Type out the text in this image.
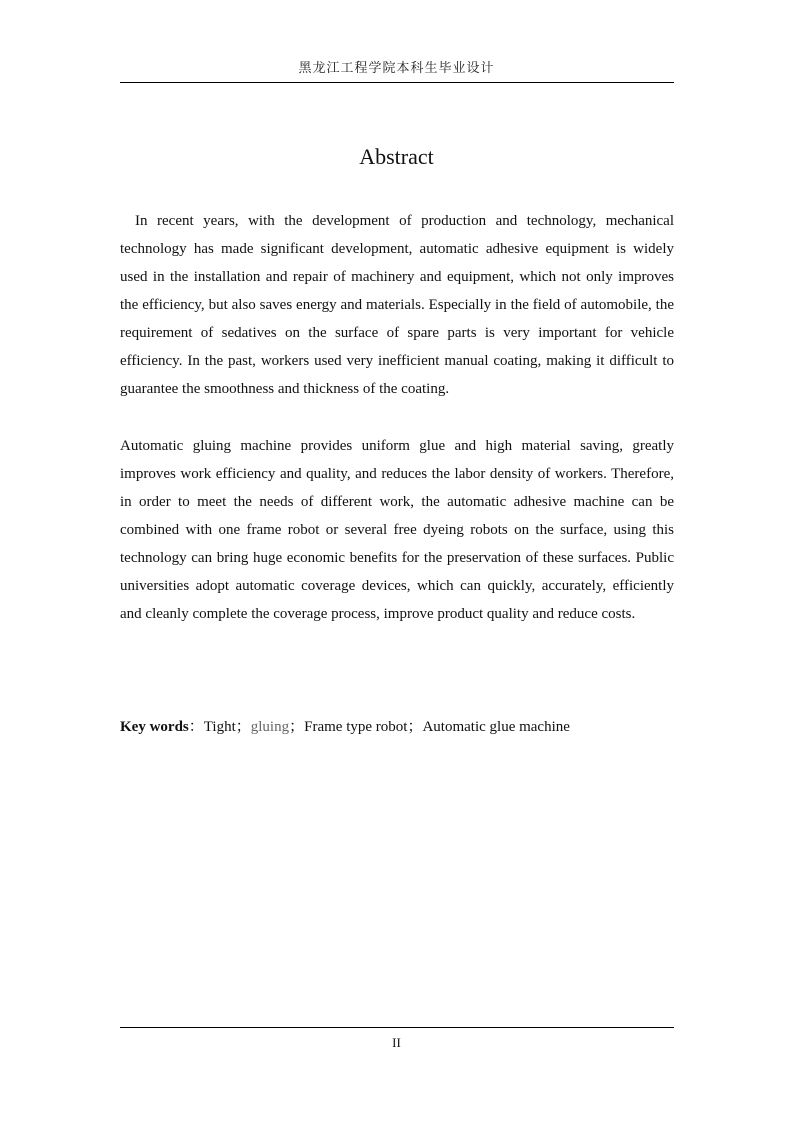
黑龙江工程学院本科生毕业设计
Abstract

In recent years, with the development of production and technology, mechanical technology has made significant development, automatic adhesive equipment is widely used in the installation and repair of machinery and equipment, which not only improves the efficiency, but also saves energy and materials. Especially in the field of automobile, the requirement of sedatives on the surface of spare parts is very important for vehicle efficiency. In the past, workers used very inefficient manual coating, making it difficult to guarantee the smoothness and thickness of the coating.

Automatic gluing machine provides uniform glue and high material saving, greatly improves work efficiency and quality, and reduces the labor density of workers. Therefore, in order to meet the needs of different work, the automatic adhesive machine can be combined with one frame robot or several free dyeing robots on the surface, using this technology can bring huge economic benefits for the preservation of these surfaces. Public universities adopt automatic coverage devices, which can quickly, accurately, efficiently and cleanly complete the coverage process, improve product quality and reduce costs.

Key words：Tight；gluing；Frame type robot；Automatic glue machine
II
